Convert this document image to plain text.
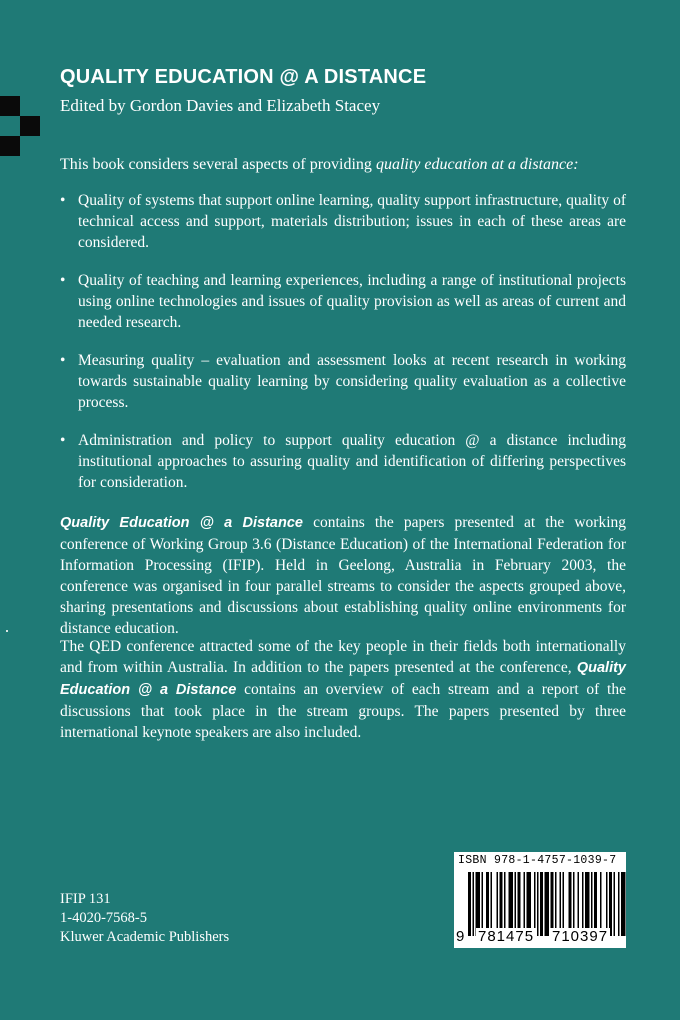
QUALITY EDUCATION @ A DISTANCE
Edited by Gordon Davies and Elizabeth Stacey
This book considers several aspects of providing quality education at a distance:
• Quality of systems that support online learning, quality support infrastructure, quality of technical access and support, materials distribution; issues in each of these areas are considered.
• Quality of teaching and learning experiences, including a range of institutional projects using online technologies and issues of quality provision as well as areas of current and needed research.
• Measuring quality – evaluation and assessment looks at recent research in working towards sustainable quality learning by considering quality evaluation as a collective process.
• Administration and policy to support quality education @ a distance including institutional approaches to assuring quality and identification of differing perspectives for consideration.
Quality Education @ a Distance contains the papers presented at the working conference of Working Group 3.6 (Distance Education) of the International Federation for Information Processing (IFIP). Held in Geelong, Australia in February 2003, the conference was organised in four parallel streams to consider the aspects grouped above, sharing presentations and discussions about establishing quality online environments for distance education.
The QED conference attracted some of the key people in their fields both internationally and from within Australia. In addition to the papers presented at the conference, Quality Education @ a Distance contains an overview of each stream and a report of the discussions that took place in the stream groups. The papers presented by three international keynote speakers are also included.
IFIP 131
1-4020-7568-5
Kluwer Academic Publishers
ISBN 978-1-4757-1039-7
9 781475 710397
